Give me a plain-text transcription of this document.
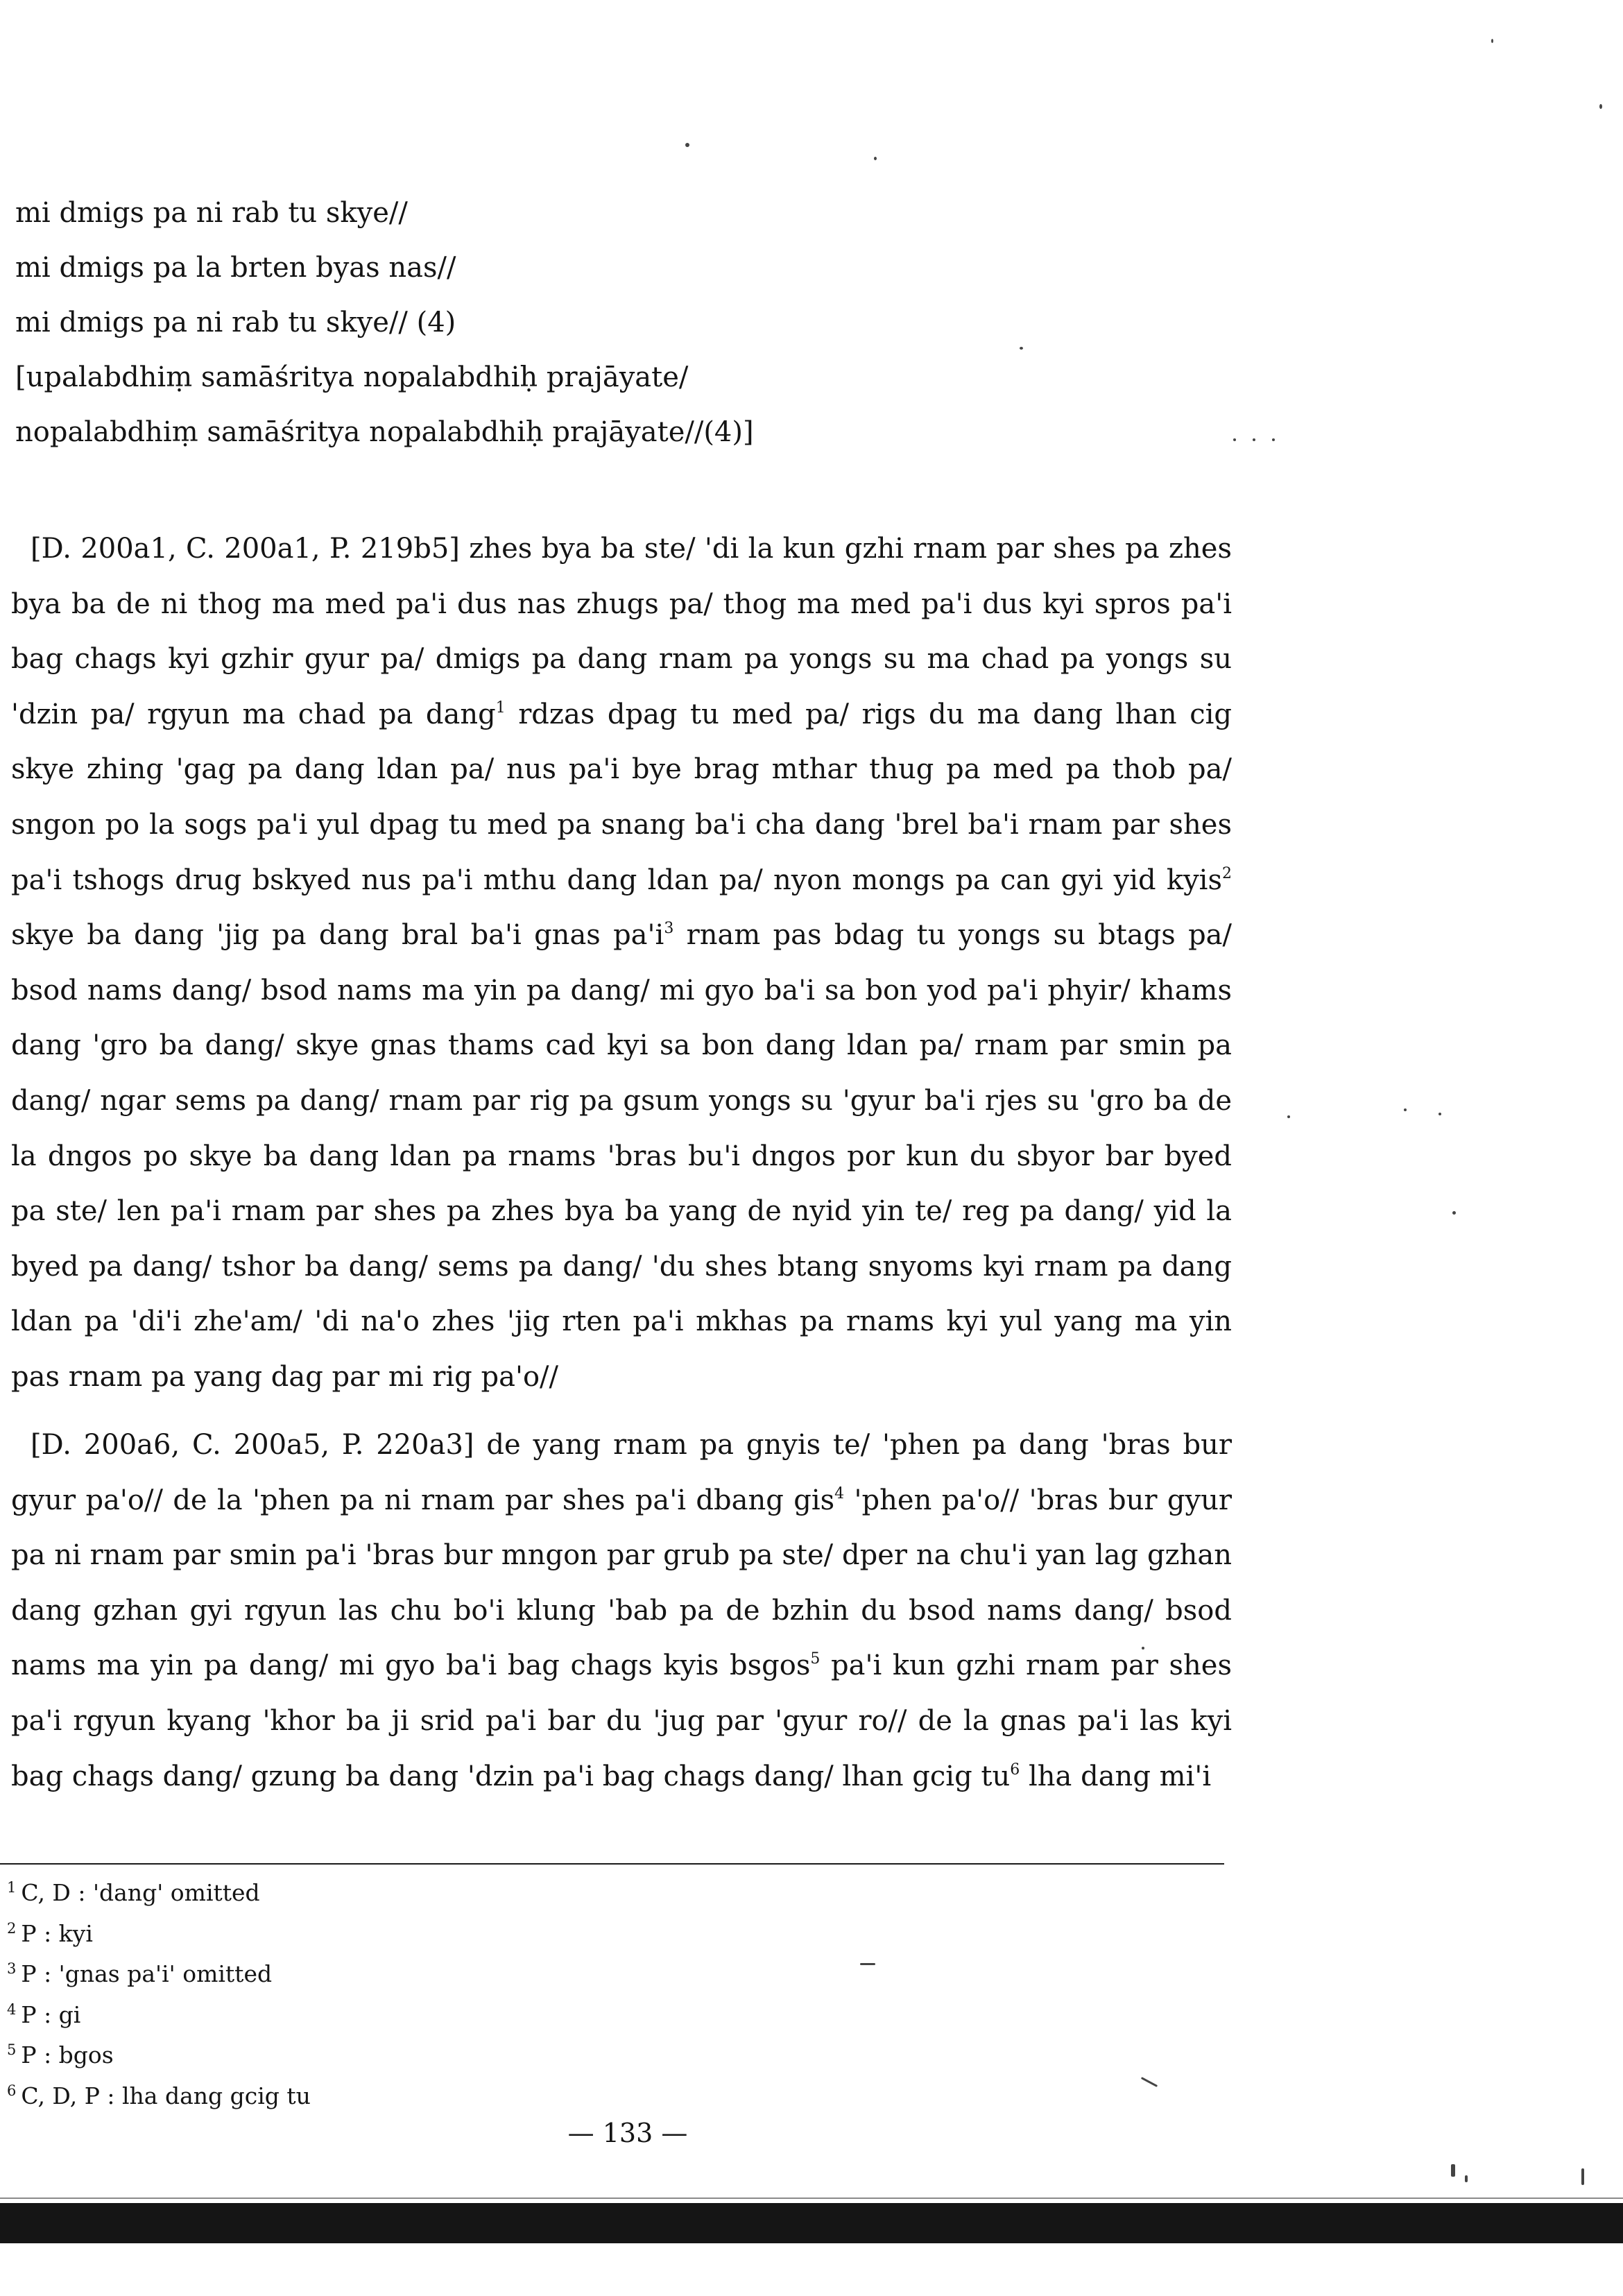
mi dmigs pa ni rab tu skye//
mi dmigs pa la brten byas nas//
mi dmigs pa ni rab tu skye// (4)
[upalabdhiṃ samāśritya nopalabdhiḥ prajāyate/
nopalabdhiṃ samāśritya nopalabdhiḥ prajāyate//(4)]
[D. 200a1, C. 200a1, P. 219b5] zhes bya ba ste/ 'di la kun gzhi rnam par shes pa zhes bya ba de ni thog ma med pa'i dus nas zhugs pa/ thog ma med pa'i dus kyi spros pa'i bag chags kyi gzhir gyur pa/ dmigs pa dang rnam pa yongs su ma chad pa yongs su 'dzin pa/ rgyun ma chad pa dang$^1$ rdzas dpag tu med pa/ rigs du ma dang lhan cig skye zhing 'gag pa dang ldan pa/ nus pa'i bye brag mthar thug pa med pa thob pa/ sngon po la sogs pa'i yul dpag tu med pa snang ba'i cha dang 'brel ba'i rnam par shes pa'i tshogs drug bskyed nus pa'i mthu dang ldan pa/ nyon mongs pa can gyi yid kyis$^2$ skye ba dang 'jig pa dang bral ba'i gnas $pa'i^3$ rnam pas bdag tu yongs su btags pa/ bsod nams dang/ bsod nams ma yin pa dang/ mi gyo ba'i sa bon yod pa'i phyir/ khams dang 'gro ba dang/ skye gnas thams cad kyi sa bon dang ldan pa/ rnam par smin pa dang/ ngar sems pa dang/ rnam par rig pa gsum yongs su 'gyur ba'i rjes su 'gro ba de la dngos po skye ba dang ldan pa rnams 'bras bu'i dngos por kun du sbyor bar byed pa ste/ len pa'i rnam par shes pa zhes bya ba yang de nyid yin te/ reg pa dang/ yid la byed pa dang/ tshor ba dang/ sems pa dang/ 'du shes btang snyoms kyi rnam pa dang ldan pa 'di'i zhe'am/ 'di na'o zhes 'jig rten pa'i mkhas pa rnams kyi yul yang ma yin pas rnam pa yang dag par mi rig pa'o//
[D. 200a6, C. 200a5, P. 220a3] de yang rnam pa gnyis te/ 'phen pa dang 'bras bur gyur pa'o// de la 'phen pa ni rnam par shes pa'i dbang gis$^4$ 'phen pa'o// 'bras bur gyur pa ni rnam par smin pa'i 'bras bur mngon par grub pa ste/ dper na chu'i yan lag gzhan dang gzhan gyi rgyun las chu bo'i klung 'bab pa de bzhin du bsod nams dang/ bsod nams ma yin pa dang/ mi gyo ba'i bag chags kyis bsgos$^5$ pa'i kun gzhi rnam par shes pa'i rgyun kyang 'khor ba ji srid pa'i bar du 'jug par 'gyur ro// de la gnas pa'i las kyi bag chags dang/ gzung ba dang 'dzin pa'i bag chags dang/ lhan gcig $tu^6$ lha dang mi'i
$^1$ C, D : 'dang' omitted
$^2$ P : kyi
$^3$ P : 'gnas pa'i' omitted
$^4$ P : gi
$^5$ P : bgos
$^6$ C, D, P : lha dang gcig tu
— 133 —
